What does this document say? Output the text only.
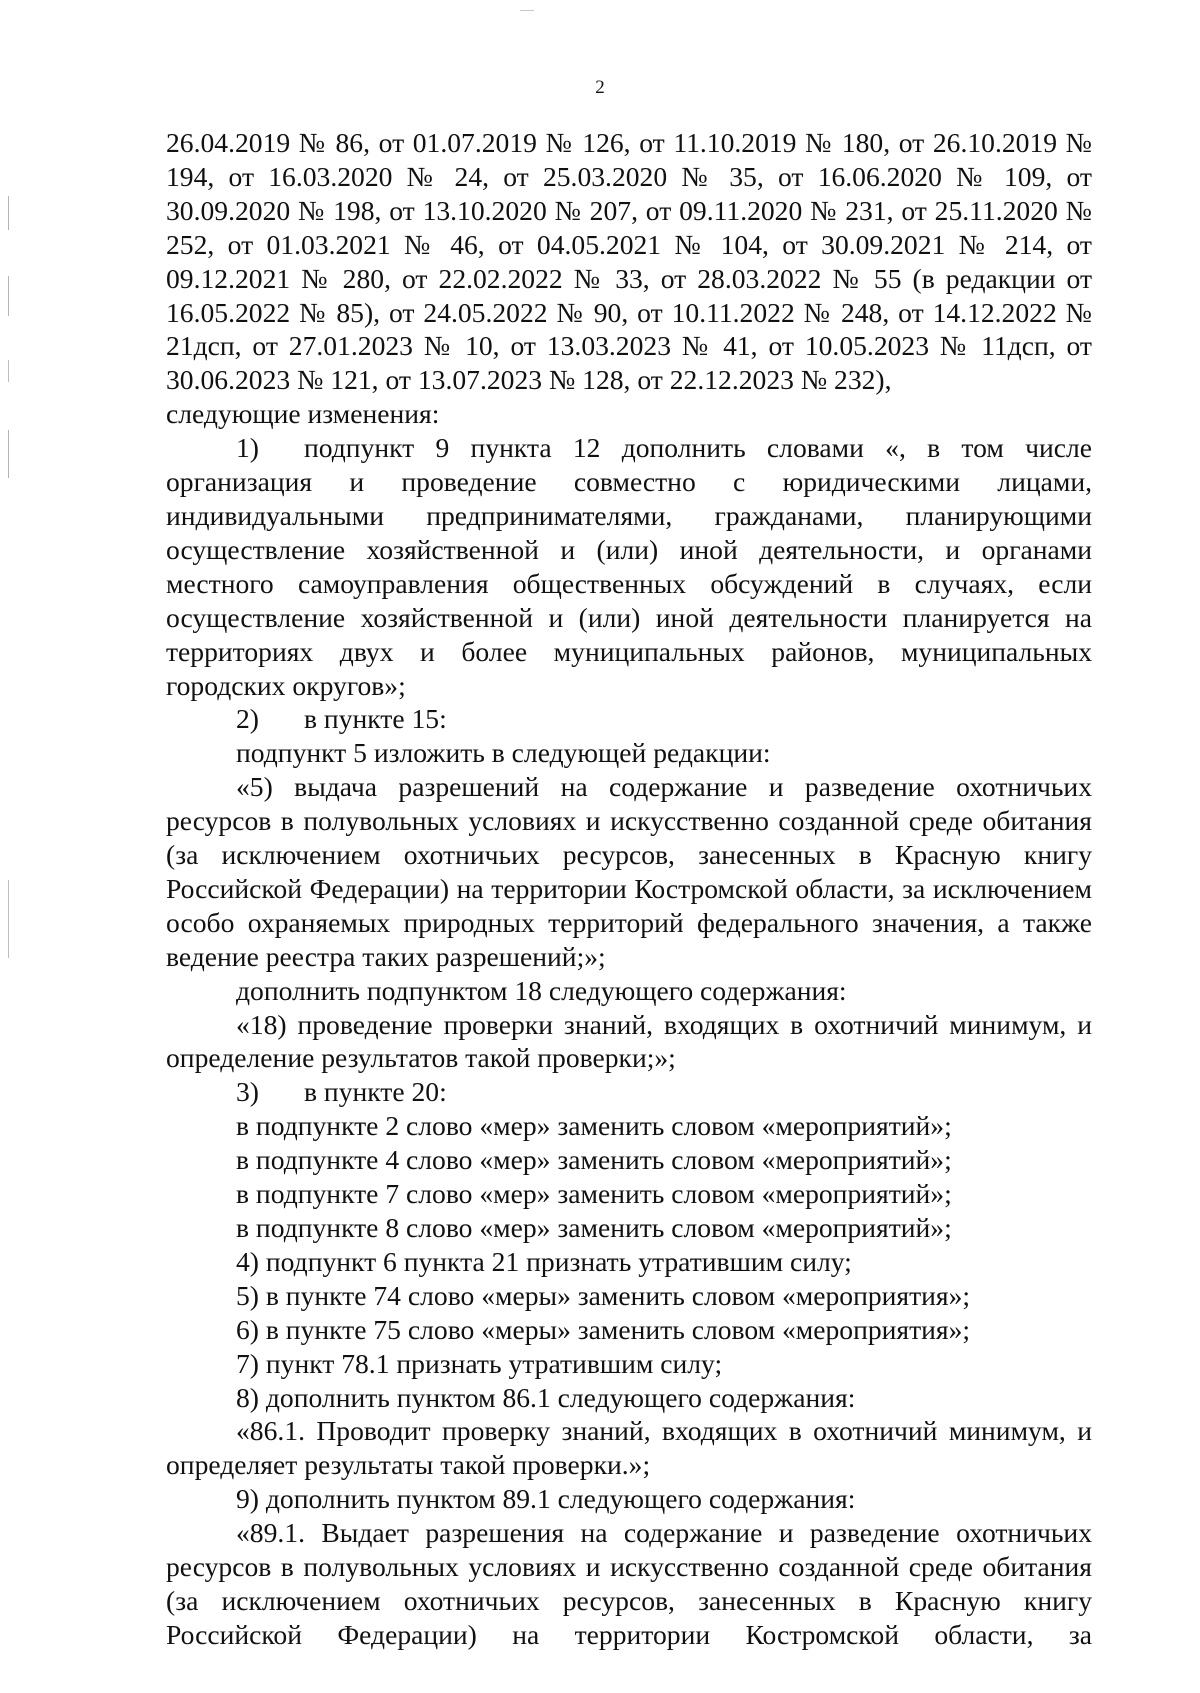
2

26.04.2019 № 86, от 01.07.2019 № 126, от 11.10.2019 № 180, от 26.10.2019 № 194, от 16.03.2020 № 24, от 25.03.2020 № 35, от 16.06.2020 № 109, от 30.09.2020 № 198, от 13.10.2020 № 207, от 09.11.2020 № 231, от 25.11.2020 № 252, от 01.03.2021 № 46, от 04.05.2021 № 104, от 30.09.2021 № 214, от 09.12.2021 № 280, от 22.02.2022 № 33, от 28.03.2022 № 55 (в редакции от 16.05.2022 № 85), от 24.05.2022 № 90, от 10.11.2022 № 248, от 14.12.2022 № 21дсп, от 27.01.2023 № 10, от 13.03.2023 № 41, от 10.05.2023 № 11дсп, от 30.06.2023 № 121, от 13.07.2023 № 128, от 22.12.2023 № 232),

следующие изменения:

1) подпункт 9 пункта 12 дополнить словами «, в том числе организация и проведение совместно с юридическими лицами, индивидуальными предпринимателями, гражданами, планирующими осуществление хозяйственной и (или) иной деятельности, и органами местного самоуправления общественных обсуждений в случаях, если осуществление хозяйственной и (или) иной деятельности планируется на территориях двух и более муниципальных районов, муниципальных городских округов»;

2) в пункте 15:

подпункт 5 изложить в следующей редакции:

«5) выдача разрешений на содержание и разведение охотничьих ресурсов в полувольных условиях и искусственно созданной среде обитания (за исключением охотничьих ресурсов, занесенных в Красную книгу Российской Федерации) на территории Костромской области, за исключением особо охраняемых природных территорий федерального значения, а также ведение реестра таких разрешений;»;

дополнить подпунктом 18 следующего содержания:

«18) проведение проверки знаний, входящих в охотничий минимум, и определение результатов такой проверки;»;

3) в пункте 20:

в подпункте 2 слово «мер» заменить словом «мероприятий»;

в подпункте 4 слово «мер» заменить словом «мероприятий»;

в подпункте 7 слово «мер» заменить словом «мероприятий»;

в подпункте 8 слово «мер» заменить словом «мероприятий»;

4) подпункт 6 пункта 21 признать утратившим силу;

5) в пункте 74 слово «меры» заменить словом «мероприятия»;

6) в пункте 75 слово «меры» заменить словом «мероприятия»;

7) пункт 78.1 признать утратившим силу;

8) дополнить пунктом 86.1 следующего содержания:

«86.1. Проводит проверку знаний, входящих в охотничий минимум, и определяет результаты такой проверки.»;

9) дополнить пунктом 89.1 следующего содержания:

«89.1. Выдает разрешения на содержание и разведение охотничьих ресурсов в полувольных условиях и искусственно созданной среде обитания (за исключением охотничьих ресурсов, занесенных в Красную книгу Российской Федерации) на территории Костромской области, за
